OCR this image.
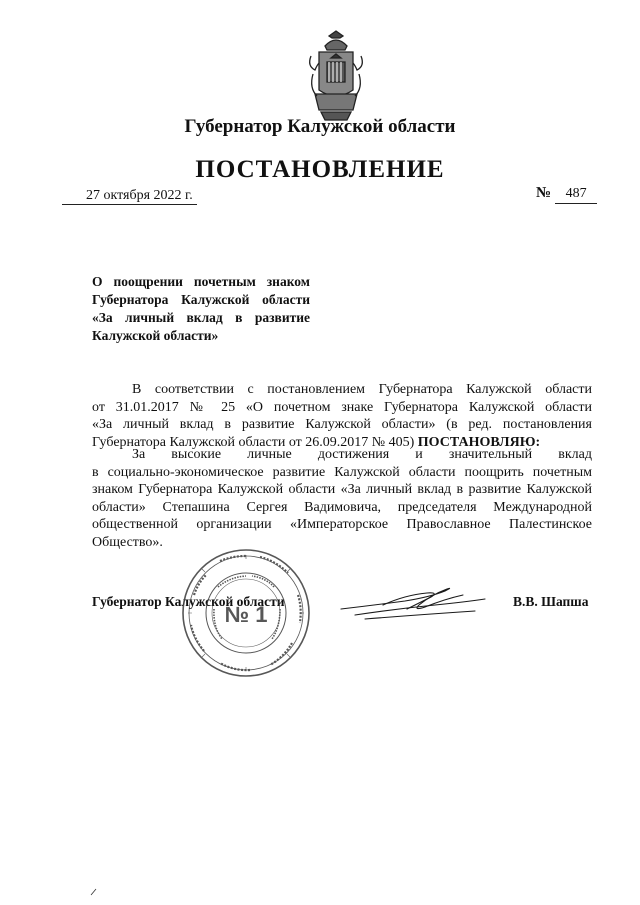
Губернатор Калужской области
ПОСТАНОВЛЕНИЕ
27 октября 2022 г.	№ 487
О поощрении почетным знаком
Губернатора Калужской области
«За личный вклад в развитие
Калужской области»
В соответствии с постановлением Губернатора Калужской области
от 31.01.2017 № 25 «О почетном знаке Губернатора Калужской области
«За личный вклад в развитие Калужской области» (в ред. постановления
Губернатора Калужской области от 26.09.2017 № 405) ПОСТАНОВЛЯЮ:
За высокие личные достижения и значительный вклад
в социально-экономическое развитие Калужской области поощрить почетным
знаком Губернатора Калужской области «За личный вклад в развитие Калужской
области» Степашина Сергея Вадимовича, председателя Международной
общественной организации «Императорское Православное Палестинское
Общество».
Губернатор Калужской области	В.В. Шапша
№ 1
